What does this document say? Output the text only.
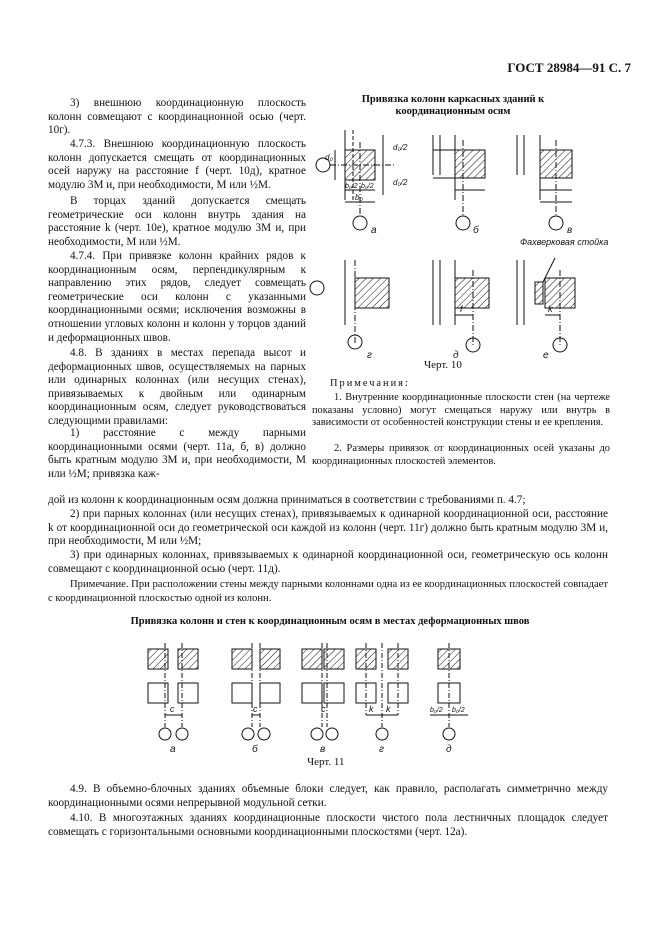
ГОСТ 28984—91 С. 7
3) внешнюю координационную плоскость колонн совмещают с координационной осью (черт. 10г).
4.7.3. Внешнюю координационную плоскость колонн допускается смещать от координационных осей наружу на расстояние f (черт. 10д), кратное модулю 3М и, при необходимости, М или ½М.
В торцах зданий допускается смещать геометрические оси колонн внутрь здания на расстояние k (черт. 10е), кратное модулю 3М и, при необходимости, М или ½М.
4.7.4. При привязке колонн крайних рядов к координационным осям, перпендикулярным к направлению этих рядов, следует совмещать геометрические оси колонн с указанными координационными осями; исключения возможны в отношении угловых колонн и колонн у торцов зданий и деформационных швов.
4.8. В зданиях в местах перепада высот и деформационных швов, осуществляемых на парных или одинарных колоннах (или несущих стенах), привязываемых к двойным или одинарным координационным осям, следует руководствоваться следующими правилами:
1) расстояние c между парными координационными осями (черт. 11а, б, в) должно быть кратным модулю 3М и, при необходимости, М или ½М; привязка каж-
Привязка колонн каркасных зданий к координационным осям
а	б	в
г	д	е
d₀
d₀/2
d₀/2
b₀/2 b₀/2
b₀
f	k
Фахверковая стойка
Черт. 10
Примечания:
1. Внутренние координационные плоскости стен (на чертеже показаны условно) могут смещаться наружу или внутрь в зависимости от особенностей конструкции стены и ее крепления.
2. Размеры привязок от координационных осей указаны до координационных плоскостей элементов.
дой из колонн к координационным осям должна приниматься в соответствии с требованиями п. 4.7;
2) при парных колоннах (или несущих стенах), привязываемых к одинарной координационной оси, расстояние k от координационной оси до геометрической оси каждой из колонн (черт. 11г) должно быть кратным модулю 3М и, при необходимости, М или ½М;
3) при одинарных колоннах, привязываемых к одинарной координационной оси, геометрическую ось колонн совмещают с координационной осью (черт. 11д).
Примечание. При расположении стены между парными колоннами одна из ее координационных плоскостей совпадает с координационной плоскостью одной из колонн.
Привязка колонн и стен к координационным осям в местах деформационных швов
c	c	c	k k	b₀/2 b₀/2
а	б	в	г	д
Черт. 11
4.9. В объемно-блочных зданиях объемные блоки следует, как правило, располагать симметрично между координационными осями непрерывной модульной сетки.
4.10. В многоэтажных зданиях координационные плоскости чистого пола лестничных площадок следует совмещать с горизонтальными основными координационными плоскостями (черт. 12а).
